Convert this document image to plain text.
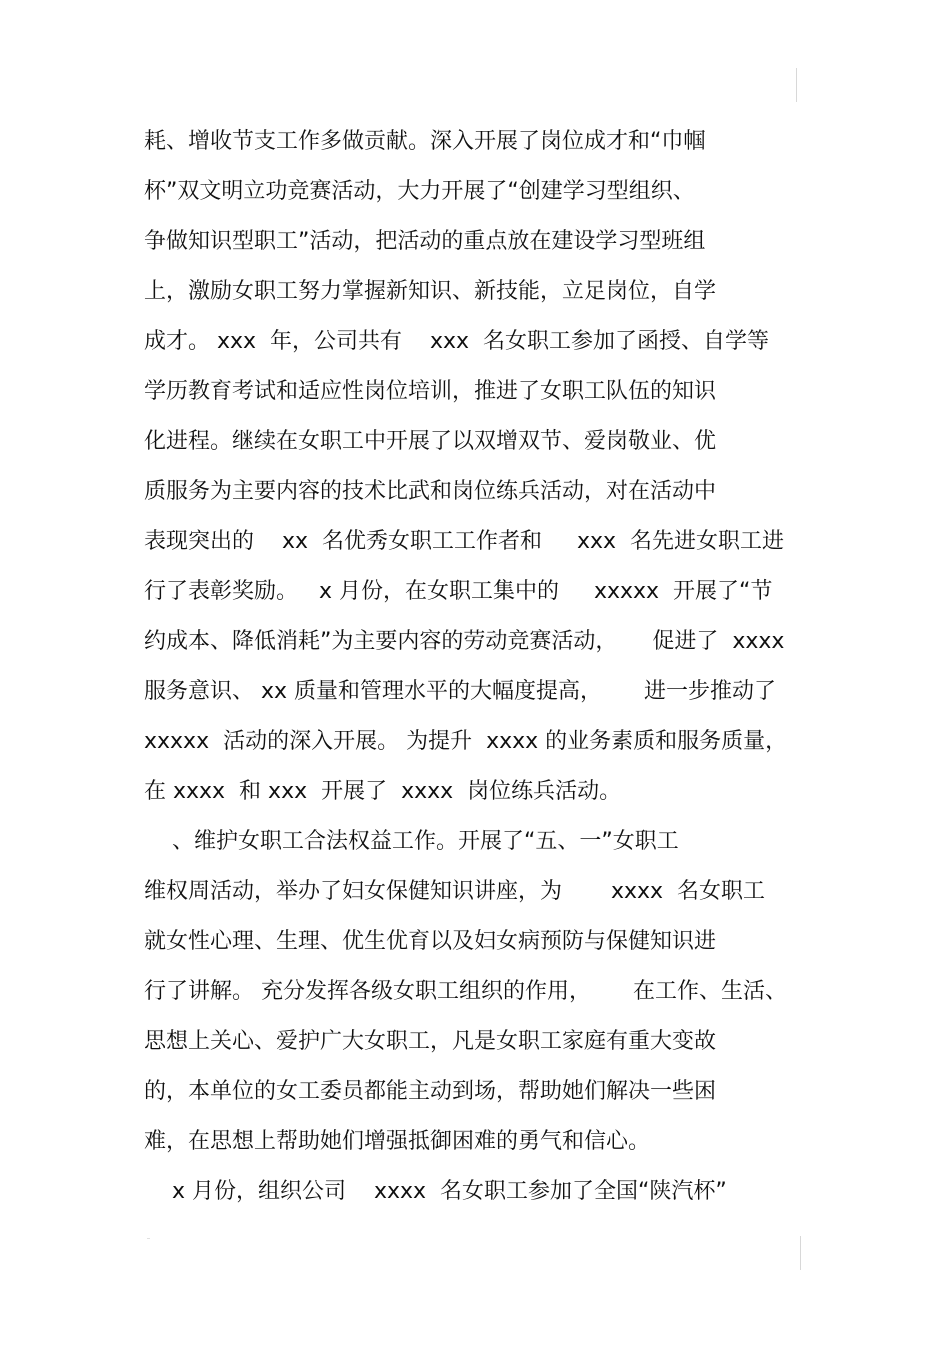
耗、增收节支工作多做贡献。深入开展了岗位成才和“巾帼
杯”双文明立功竞赛活动，大力开展了“创建学习型组织、
争做知识型职工”活动，把活动的重点放在建设学习型班组
上，激励女职工努力掌握新知识、新技能，立足岗位，自学
成才。 xxx  年，公司共有    xxx  名女职工参加了函授、自学等
学历教育考试和适应性岗位培训，推进了女职工队伍的知识
化进程。继续在女职工中开展了以双增双节、爱岗敬业、优
质服务为主要内容的技术比武和岗位练兵活动，对在活动中
表现突出的    xx  名优秀女职工工作者和     xxx  名先进女职工进
行了表彰奖励。   x 月份，在女职工集中的     xxxxx  开展了“节
约成本、降低消耗”为主要内容的劳动竞赛活动，     促进了  xxxx
服务意识、 xx 质量和管理水平的大幅度提高，      进一步推动了
xxxxx  活动的深入开展。 为提升  xxxx 的业务素质和服务质量，
在 xxxx  和 xxx  开展了  xxxx  岗位练兵活动。
、维护女职工合法权益工作。开展了“五、一”女职工
维权周活动，举办了妇女保健知识讲座，为       xxxx  名女职工
就女性心理、生理、优生优育以及妇女病预防与保健知识进
行了讲解。 充分发挥各级女职工组织的作用，      在工作、生活、
思想上关心、爱护广大女职工，凡是女职工家庭有重大变故
的，本单位的女工委员都能主动到场，帮助她们解决一些困
难，在思想上帮助她们增强抵御困难的勇气和信心。
x 月份，组织公司    xxxx  名女职工参加了全国“陕汽杯”
